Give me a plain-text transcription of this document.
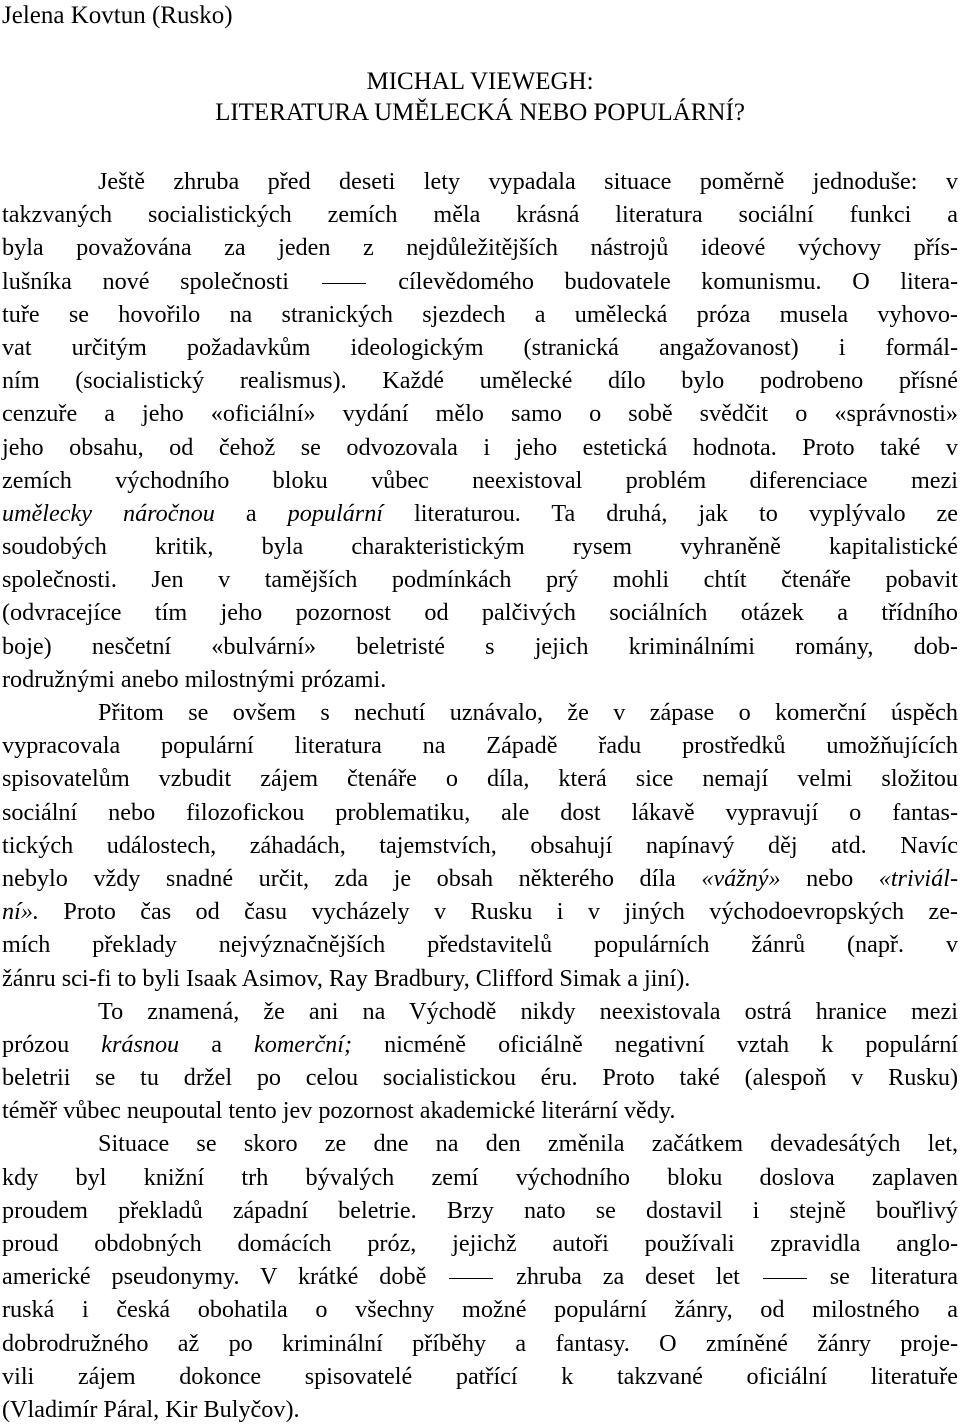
Jelena Kovtun (Rusko)
MICHAL VIEWEGH:
LITERATURA UMĚLECKÁ NEBO POPULÁRNÍ?
Ještě zhruba před deseti lety vypadala situace poměrně jednoduše: v
takzvaných socialistických zemích měla krásná literatura sociální funkci a
byla považována za jeden z nejdůležitějších nástrojů ideové výchovy přís-
lušníka nové společnosti	cílevědomého budovatele komunismu. O litera-
tuře se hovořilo na stranických sjezdech a umělecká próza musela vyhovo-
vat určitým požadavkům ideologickým (stranická angažovanost) i formál-
ním (socialistický realismus). Každé umělecké dílo bylo podrobeno přísné
cenzuře a jeho «oficiální» vydání mělo samo o sobě svědčit o «správnosti»
jeho obsahu, od čehož se odvozovala i jeho estetická hodnota. Proto také v
zemích východního bloku vůbec neexistoval problém diferenciace mezi
umělecky náročnou a populární literaturou. Ta druhá, jak to vyplývalo ze
soudobých kritik, byla charakteristickým rysem vyhraněně kapitalistické
společnosti. Jen v tamějších podmínkách prý mohli chtít čtenáře pobavit
(odvracejíce tím jeho pozornost od palčivých sociálních otázek a třídního
boje) nesčetní «bulvární» beletristé s jejich kriminálními romány, dob-
rodružnými anebo milostnými prózami.
Přitom se ovšem s nechutí uznávalo, že v zápase o komerční úspěch
vypracovala populární literatura na Západě řadu prostředků umožňujících
spisovatelům vzbudit zájem čtenáře o díla, která sice nemají velmi složitou
sociální nebo filozofickou problematiku, ale dost lákavě vypravují o fantas-
tických událostech, záhadách, tajemstvích, obsahují napínavý děj atd. Navíc
nebylo vždy snadné určit, zda je obsah některého díla «vážný» nebo «triviál-
ní». Proto čas od času vycházely v Rusku i v jiných východoevropských ze-
mích překlady nejvýznačnějších představitelů populárních žánrů (např. v
žánru sci-fi to byli Isaak Asimov, Ray Bradbury, Clifford Simak a jiní).
To znamená, že ani na Východě nikdy neexistovala ostrá hranice mezi
prózou krásnou a komerční; nicméně oficiálně negativní vztah k populární
beletrii se tu držel po celou socialistickou éru. Proto také (alespoň v Rusku)
téměř vůbec neupoutal tento jev pozornost akademické literární vědy.
Situace se skoro ze dne na den změnila začátkem devadesátých let,
kdy byl knižní trh bývalých zemí východního bloku doslova zaplaven
proudem překladů západní beletrie. Brzy nato se dostavil i stejně bouřlivý
proud obdobných domácích próz, jejichž autoři používali zpravidla anglo-
americké pseudonymy. V krátké době	zhruba za deset let	se literatura
ruská i česká obohatila o všechny možné populární žánry, od milostného a
dobrodružného až po kriminální příběhy a fantasy. O zmíněné žánry proje-
vili zájem dokonce spisovatelé patřící k takzvané oficiální literatuře
(Vladimír Páral, Kir Bulyčov).
